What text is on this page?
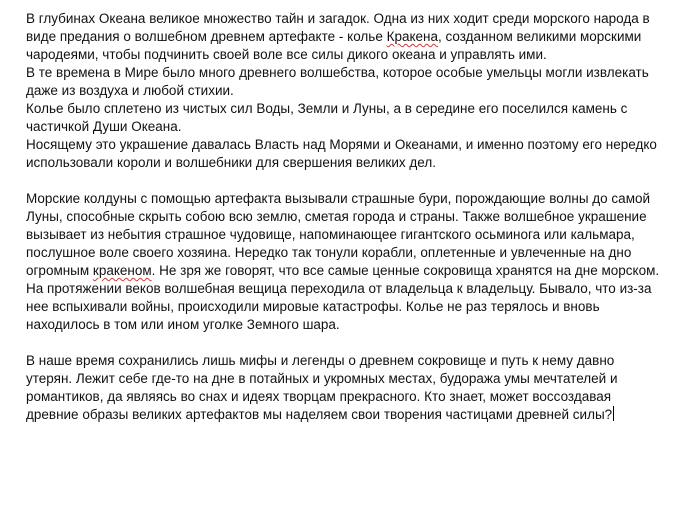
В глубинах Океана великое множество тайн и загадок. Одна из них ходит среди морского народа в виде предания о волшебном древнем артефакте - колье Кракена, созданном великими морскими чародеями, чтобы подчинить своей воле все силы дикого океана и управлять ими.

В те времена в Мире было много древнего волшебства, которое особые умельцы могли извлекать даже из воздуха и любой стихии.

Колье было сплетено из чистых сил Воды, Земли и Луны, а в середине его поселился камень с частичкой Души Океана.

Носящему это украшение давалась Власть над Морями и Океанами, и именно поэтому его нередко использовали короли и волшебники для свершения великих дел.

Морские колдуны с помощью артефакта вызывали страшные бури, порождающие волны до самой Луны, способные скрыть собою всю землю, сметая города и страны. Также волшебное украшение вызывает из небытия страшное чудовище, напоминающее гигантского осьминога или кальмара, послушное воле своего хозяина. Нередко так тонули корабли, оплетенные и увлеченные на дно огромным кракеном. Не зря же говорят, что все самые ценные сокровища хранятся на дне морском.

На протяжении веков волшебная вещица переходила от владельца к владельцу. Бывало, что из-за нее вспыхивали войны, происходили мировые катастрофы. Колье не раз терялось и вновь находилось в том или ином уголке Земного шара.

В наше время сохранились лишь мифы и легенды о древнем сокровище и путь к нему давно утерян. Лежит себе где-то на дне в потайных и укромных местах, будоража умы мечтателей и романтиков, да являясь во снах и идеях творцам прекрасного. Кто знает, может воссоздавая древние образы великих артефактов мы наделяем свои творения частицами древней силы?
